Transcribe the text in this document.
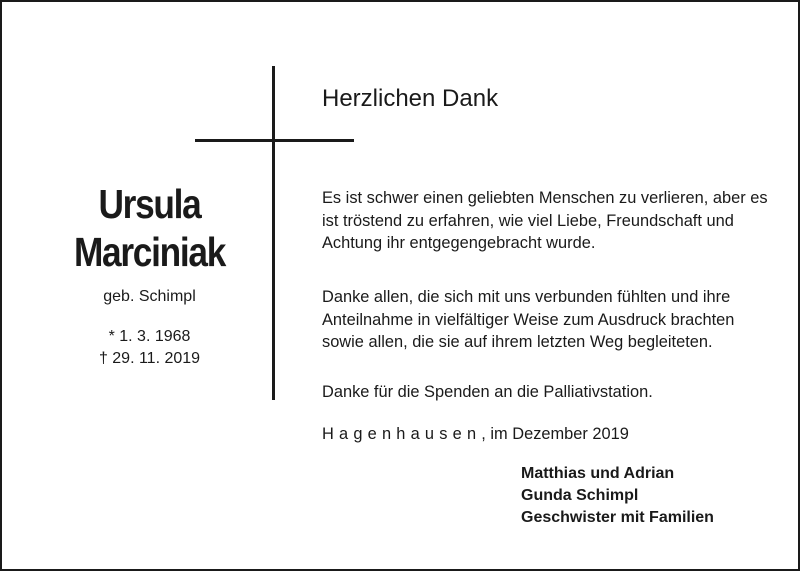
Ursula
Marciniak
geb. Schimpl
* 1. 3. 1968
† 29. 11. 2019
Herzlichen Dank
Es ist schwer einen geliebten Menschen zu verlieren, aber es ist tröstend zu erfahren, wie viel Liebe, Freundschaft und Achtung ihr entgegengebracht wurde.
Danke allen, die sich mit uns verbunden fühlten und ihre Anteilnahme in vielfältiger Weise zum Ausdruck brachten sowie allen, die sie auf ihrem letzten Weg begleiteten.
Danke für die Spenden an die Palliativstation.
Hagenhausen, im Dezember 2019
Matthias und Adrian
Gunda Schimpl
Geschwister mit Familien
